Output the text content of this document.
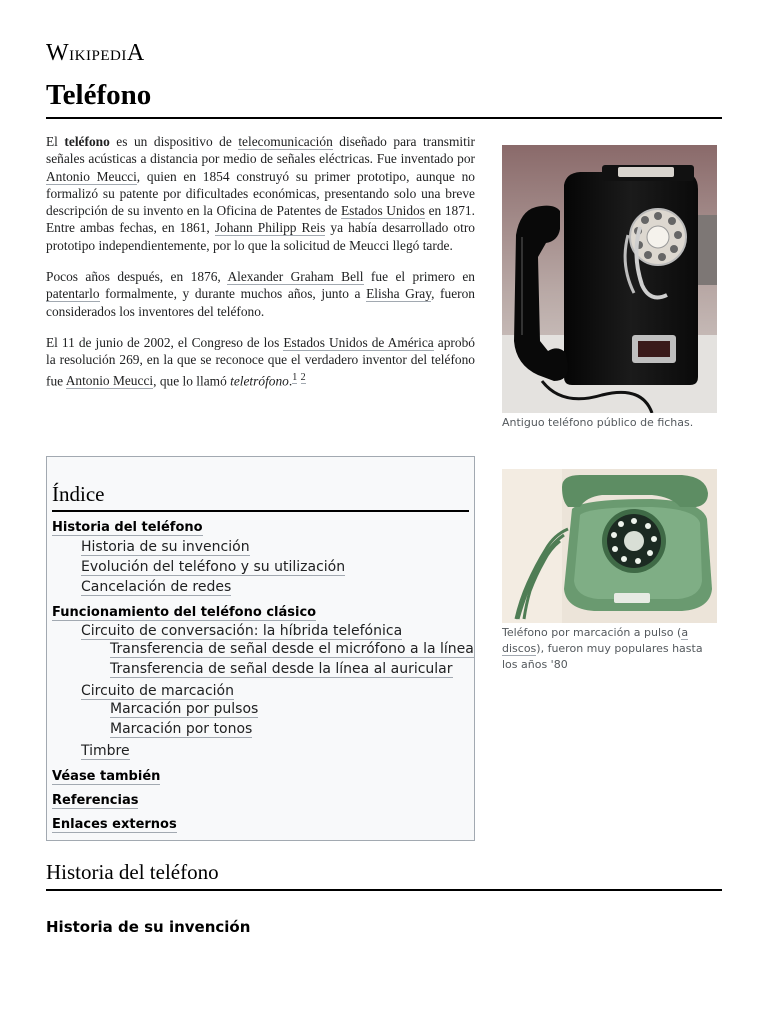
WikipediA
Teléfono

El teléfono es un dispositivo de telecomunicación diseñado para transmitir señales acústicas a distancia por medio de señales eléctricas. Fue inventado por Antonio Meucci, quien en 1854 construyó su primer prototipo, aunque no formalizó su patente por dificultades económicas, presentando solo una breve descripción de su invento en la Oficina de Patentes de Estados Unidos en 1871. Entre ambas fechas, en 1861, Johann Philipp Reis ya había desarrollado otro prototipo independientemente, por lo que la solicitud de Meucci llegó tarde.

Pocos años después, en 1876, Alexander Graham Bell fue el primero en patentarlo formalmente, y durante muchos años, junto a Elisha Gray, fueron considerados los inventores del teléfono.

El 11 de junio de 2002, el Congreso de los Estados Unidos de América aprobó la resolución 269, en la que se reconoce que el verdadero inventor del teléfono fue Antonio Meucci, que lo llamó teletrófono.$^1$ $^2$

Antiguo teléfono público de fichas.
Teléfono por marcación a pulso (a discos), fueron muy populares hasta los años '80
Índice
Historia del teléfono
Historia de su invención
Evolución del teléfono y su utilización
Cancelación de redes
Funcionamiento del teléfono clásico
Circuito de conversación: la híbrida telefónica
Transferencia de señal desde el micrófono a la línea
Transferencia de señal desde la línea al auricular
Circuito de marcación
Marcación por pulsos
Marcación por tonos
Timbre
Véase también
Referencias
Enlaces externos
Historia del teléfono
Historia de su invención
